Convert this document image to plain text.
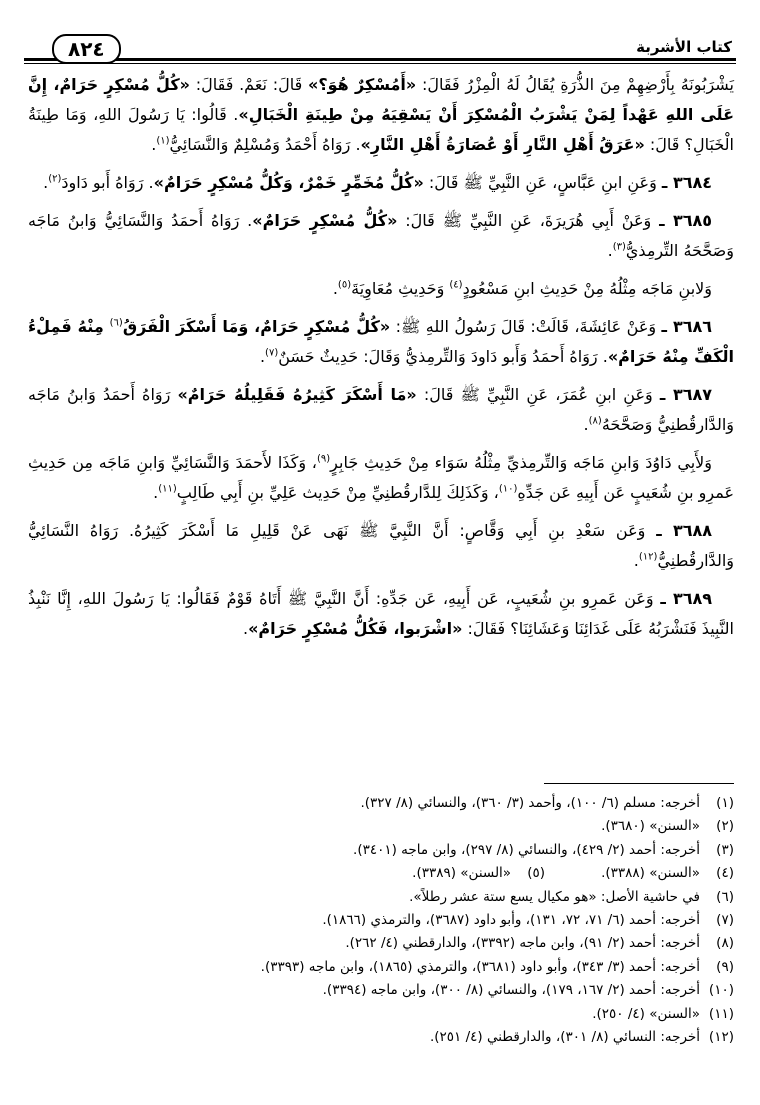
كتاب الأشربة
٨٢٤

يَشْرَبُونَهُ بِأَرْضِهِمْ مِنَ الذُّرَةِ يُقَالُ لَهُ الْمِزْرُ فَقَالَ: «أَمُسْكِرٌ هُوَ؟» قَالَ: نَعَمْ. فَقَالَ: «كُلُّ مُسْكِرٍ حَرَامٌ، إِنَّ عَلَى اللهِ عَهْداً لِمَنْ يَشْرَبُ الْمُسْكِرَ أَنْ يَسْقِيَهُ مِنْ طِينَةِ الْخَبَالِ». قَالُوا: يَا رَسُولَ اللهِ، وَمَا طِينَةُ الْخَبَالِ؟ قَالَ: «عَرَقُ أَهْلِ النَّارِ أَوْ عُصَارَةُ أَهْلِ النَّارِ». رَوَاهُ أَحْمَدُ وَمُسْلِمٌ وَالنَّسَائِيُّ$^{(١)}$.

٣٦٨٤ ـ وَعَنِ ابنِ عَبَّاسٍ، عَنِ النَّبِيِّ ﷺ قَالَ: «كُلُّ مُخَمِّرٍ خَمْرٌ، وَكُلُّ مُسْكِرٍ حَرَامٌ». رَوَاهُ أَبو دَاودَ$^{(٢)}$.

٣٦٨٥ ـ وَعَنْ أَبِي هُرَيرَةَ، عَنِ النَّبِيِّ ﷺ قَالَ: «كُلُّ مُسْكِرٍ حَرَامٌ». رَوَاهُ أَحمَدُ وَالنَّسَائِيُّ وَابنُ مَاجَه وَصَحَّحَهُ التِّرمِذيُّ$^{(٣)}$.

وَلابنِ مَاجَه مِثْلُهُ مِنْ حَدِيثِ ابنِ مَسْعُودٍ$^{(٤)}$ وَحَدِيثِ مُعَاوِيَةَ$^{(٥)}$.

٣٦٨٦ ـ وَعَنْ عَائِشَةَ، قَالَتْ: قَالَ رَسُولُ اللهِ ﷺ: «كُلُّ مُسْكِرٍ حَرَامٌ، وَمَا أَسْكَرَ الْفَرَقُ$^{(٦)}$ مِنْهُ فَمِلْءُ الْكَفِّ مِنْهُ حَرَامٌ». رَوَاهُ أَحمَدُ وَأَبو دَاودَ وَالتِّرمِذيُّ وَقَالَ: حَدِيثٌ حَسَنٌ$^{(٧)}$.

٣٦٨٧ ـ وَعَنِ ابنِ عُمَرَ، عَنِ النَّبِيِّ ﷺ قَالَ: «مَا أَسْكَرَ كَثِيرُهُ فَقَلِيلُهُ حَرَامٌ» رَوَاهُ أَحمَدُ وَابنُ مَاجَه وَالدَّارقُطنِيُّ وَصَحَّحَهُ$^{(٨)}$.

وَلأَبِي دَاوُدَ وَابنِ مَاجَه وَالتِّرمِذيِّ مِثْلُهُ سَوَاء مِنْ حَدِيثِ جَابِرٍ$^{(٩)}$، وَكَذَا لأَحمَدَ وَالنَّسَائِيِّ وَابنِ مَاجَه مِن حَدِيثِ عَمرِو بنِ شُعَيبٍ عَن أَبِيهِ عَن جَدِّهِ$^{(١٠)}$، وَكَذَلِكَ لِلدَّارقُطنِيِّ مِنْ حَدِيث عَلِيِّ بنِ أَبِي طَالِبٍ$^{(١١)}$.

٣٦٨٨ ـ وَعَن سَعْدِ بنِ أَبِي وَقَّاصٍ: أَنَّ النَّبِيَّ ﷺ نَهَى عَنْ قَلِيلِ مَا أَسْكَرَ كَثِيرُهُ. رَوَاهُ النَّسَائِيُّ وَالدَّارقُطنِيُّ$^{(١٢)}$.

٣٦٨٩ ـ وَعَن عَمرِو بنِ شُعَيبٍ، عَن أَبِيهِ، عَن جَدِّهِ: أَنَّ النَّبِيَّ ﷺ أَتَاهُ قَوْمٌ فَقَالُوا: يَا رَسُولَ اللهِ، إِنَّا نَنْبِذُ النَّبِيذَ فَنَشْرَبُهُ عَلَى غَدَائِنَا وَعَشَائِنَا؟ فَقَالَ: «اشْرَبوا، فَكُلُّ مُسْكِرٍ حَرَامٌ».

(١)
أخرجه: مسلم (٦/ ١٠٠)، وأحمد (٣/ ٣٦٠)، والنسائي (٨/ ٣٢٧).
(٢)
«السنن» (٣٦٨٠).
(٣)
أخرجه: أحمد (٢/ ٤٢٩)، والنسائي (٨/ ٢٩٧)، وابن ماجه (٣٤٠١).
(٤)
«السنن» (٣٣٨٨).
(٥)
«السنن» (٣٣٨٩).
(٦)
في حاشية الأصل: «هو مكيال يسع ستة عشر رطلاً».
(٧)
أخرجه: أحمد (٦/ ٧١، ٧٢، ١٣١)، وأبو داود (٣٦٨٧)، والترمذي (١٨٦٦).
(٨)
أخرجه: أحمد (٢/ ٩١)، وابن ماجه (٣٣٩٢)، والدارقطني (٤/ ٢٦٢).
(٩)
أخرجه: أحمد (٣/ ٣٤٣)، وأبو داود (٣٦٨١)، والترمذي (١٨٦٥)، وابن ماجه (٣٣٩٣).
(١٠)
أخرجه: أحمد (٢/ ١٦٧، ١٧٩)، والنسائي (٨/ ٣٠٠)، وابن ماجه (٣٣٩٤).
(١١)
«السنن» (٤/ ٢٥٠).
(١٢)
أخرجه: النسائي (٨/ ٣٠١)، والدارقطني (٤/ ٢٥١).
